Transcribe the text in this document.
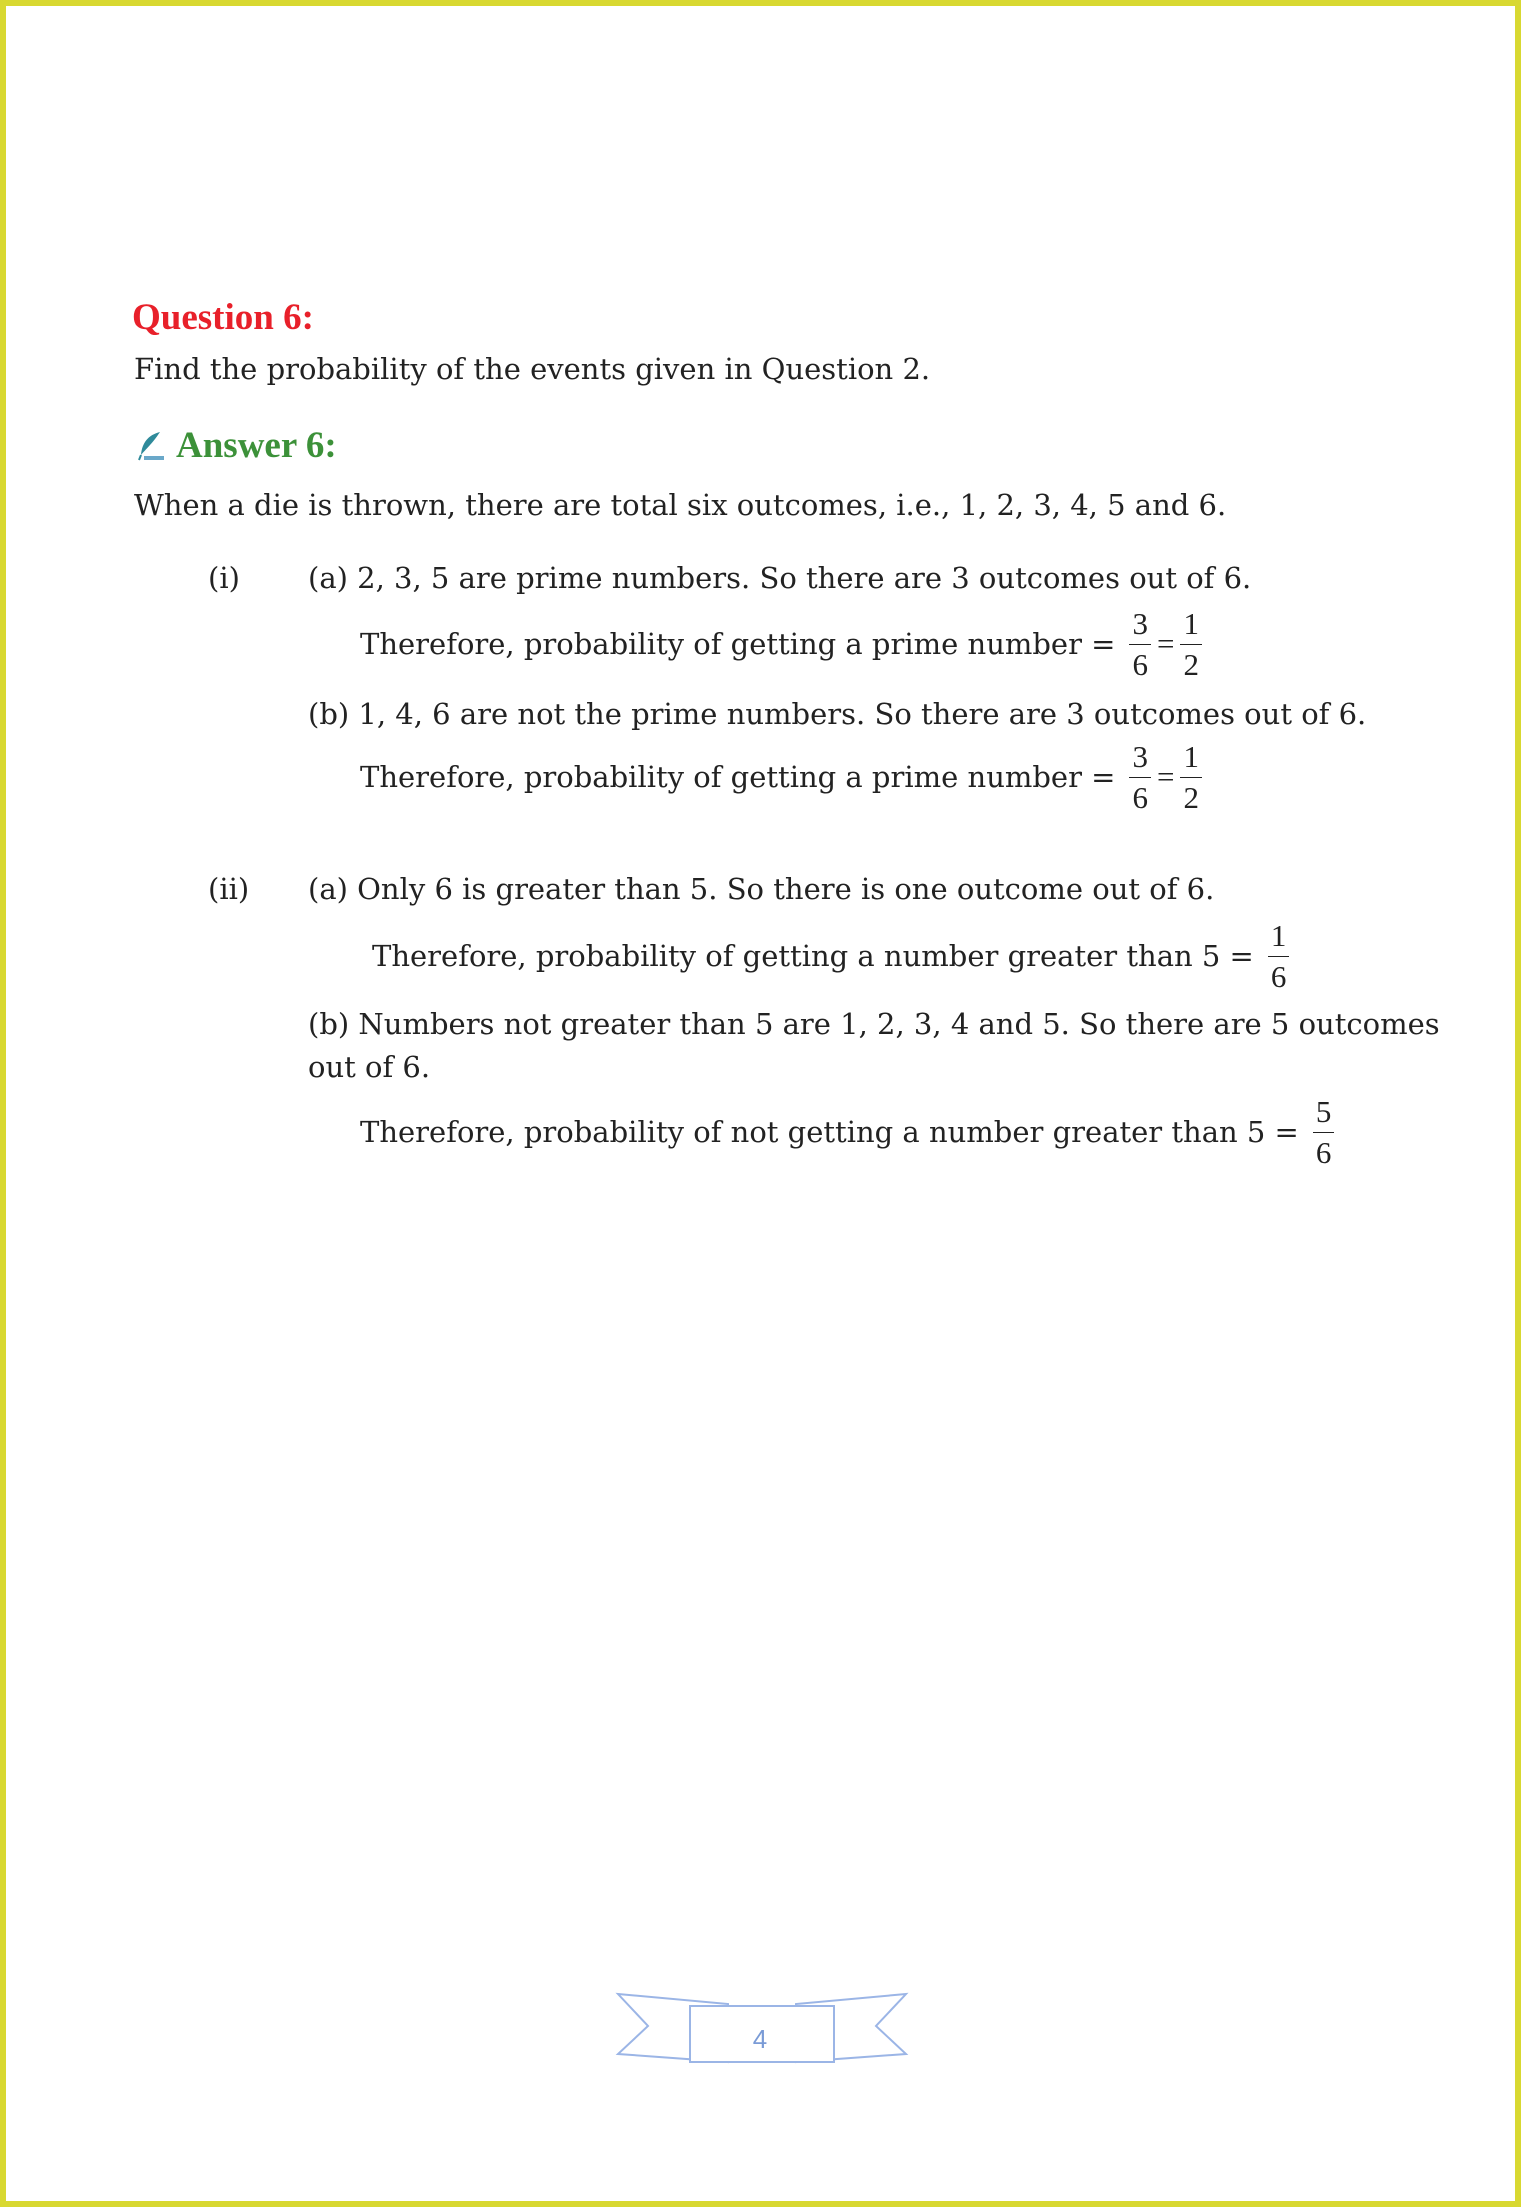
Question 6:
Find the probability of the events given in Question 2.
Answer 6:
When a die is thrown, there are total six outcomes, i.e., 1, 2, 3, 4, 5 and 6.
(i) (a) 2, 3, 5 are prime numbers. So there are 3 outcomes out of 6.
Therefore, probability of getting a prime number = $\frac{3}{6} = \frac{1}{2}$
(b) 1, 4, 6 are not the prime numbers. So there are 3 outcomes out of 6.
Therefore, probability of getting a prime number = $\frac{3}{6} = \frac{1}{2}$
(ii) (a) Only 6 is greater than 5. So there is one outcome out of 6.
Therefore, probability of getting a number greater than $5 = \frac{1}{6}$
(b) Numbers not greater than 5 are 1, 2, 3, 4 and 5. So there are 5 outcomes
out of 6.
Therefore, probability of not getting a number greater than $5 = \frac{5}{6}$
4
